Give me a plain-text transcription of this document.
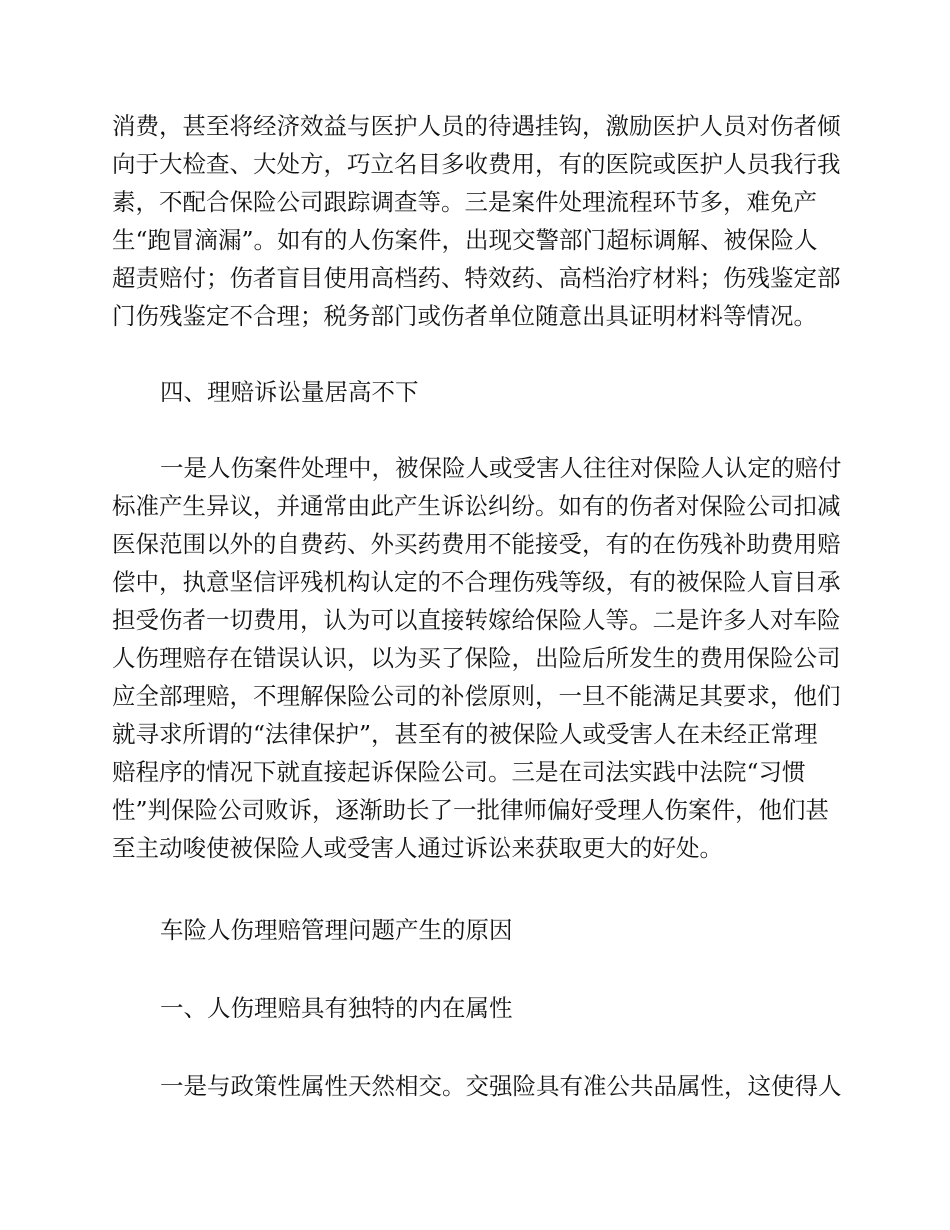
消费，甚至将经济效益与医护人员的待遇挂钩，激励医护人员对伤者倾

向于大检查、大处方，巧立名目多收费用，有的医院或医护人员我行我

素，不配合保险公司跟踪调查等。三是案件处理流程环节多，难免产

生“跑冒滴漏”。如有的人伤案件，出现交警部门超标调解、被保险人

超责赔付；伤者盲目使用高档药、特效药、高档治疗材料；伤残鉴定部

门伤残鉴定不合理；税务部门或伤者单位随意出具证明材料等情况。

四、理赔诉讼量居高不下

一是人伤案件处理中，被保险人或受害人往往对保险人认定的赔付

标准产生异议，并通常由此产生诉讼纠纷。如有的伤者对保险公司扣减

医保范围以外的自费药、外买药费用不能接受，有的在伤残补助费用赔

偿中，执意坚信评残机构认定的不合理伤残等级，有的被保险人盲目承

担受伤者一切费用，认为可以直接转嫁给保险人等。二是许多人对车险

人伤理赔存在错误认识，以为买了保险，出险后所发生的费用保险公司

应全部理赔，不理解保险公司的补偿原则，一旦不能满足其要求，他们

就寻求所谓的“法律保护”，甚至有的被保险人或受害人在未经正常理

赔程序的情况下就直接起诉保险公司。三是在司法实践中法院“习惯

性”判保险公司败诉，逐渐助长了一批律师偏好受理人伤案件，他们甚

至主动唆使被保险人或受害人通过诉讼来获取更大的好处。

车险人伤理赔管理问题产生的原因

一、人伤理赔具有独特的内在属性

一是与政策性属性天然相交。交强险具有准公共品属性，这使得人
